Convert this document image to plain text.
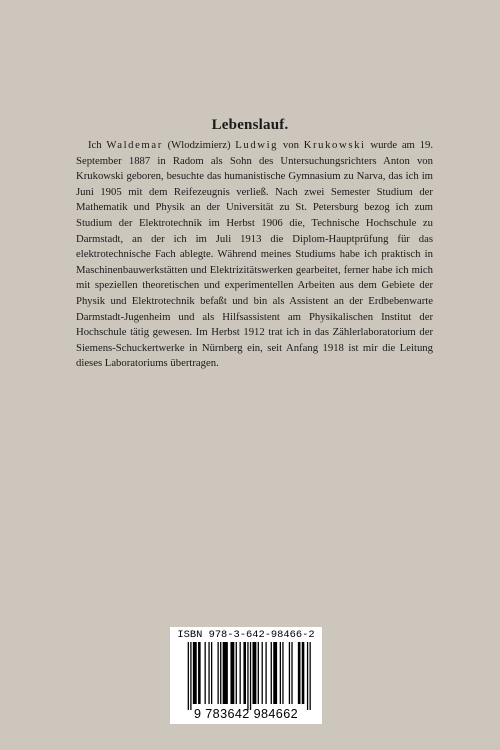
Lebenslauf.

Ich Waldemar (Wlodzimierz) Ludwig von Krukowski wurde am 19. September 1887 in Radom als Sohn des Untersuchungsrichters Anton von Krukowski geboren, besuchte das humanistische Gymnasium zu Narva, das ich im Juni 1905 mit dem Reifezeugnis verließ. Nach zwei Semester Studium der Mathematik und Physik an der Universität zu St. Petersburg bezog ich zum Studium der Elektrotechnik im Herbst 1906 die, Technische Hochschule zu Darmstadt, an der ich im Juli 1913 die Diplom-Hauptprüfung für das elektrotechnische Fach ablegte. Während meines Studiums habe ich praktisch in Maschinenbauwerkstätten und Elektrizitätswerken gearbeitet, ferner habe ich mich mit speziellen theoretischen und experimentellen Arbeiten aus dem Gebiete der Physik und Elektrotechnik befaßt und bin als Assistent an der Erdbebenwarte Darmstadt-Jugenheim und als Hilfsassistent am Physikalischen Institut der Hochschule tätig gewesen. Im Herbst 1912 trat ich in das Zählerlaboratorium der Siemens-Schuckertwerke in Nürnberg ein, seit Anfang 1918 ist mir die Leitung dieses Laboratoriums übertragen.

ISBN 978-3-642-98466-2
9 783642 984662
